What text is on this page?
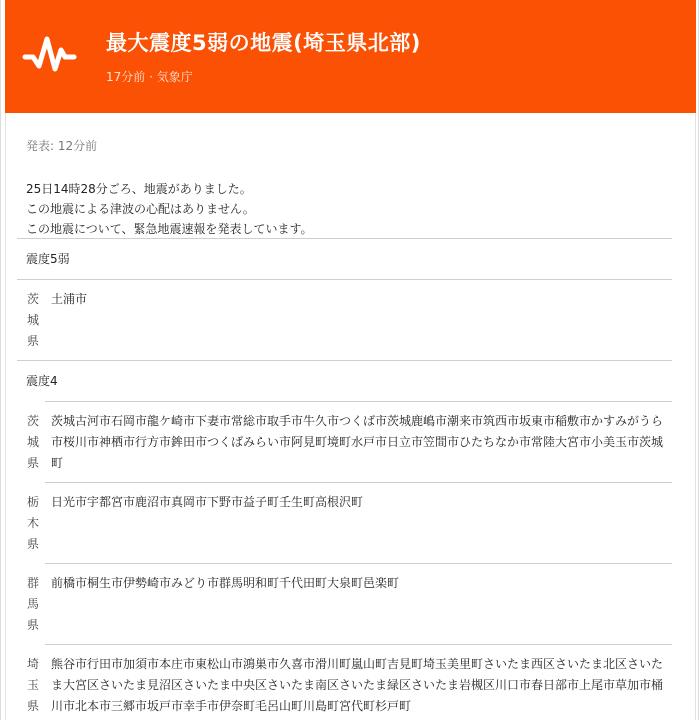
最大震度5弱の地震(埼玉県北部)
17分前 · 気象庁
発表: 12分前
25日14時28分ごろ、地震がありました。
この地震による津波の心配はありません。
この地震について、緊急地震速報を発表しています。
震度5弱
茨城県
土浦市
震度4
茨城県
茨城古河市石岡市龍ケ崎市下妻市常総市取手市牛久市つくば市茨城鹿嶋市潮来市筑西市坂東市稲敷市かすみがうら市桜川市神栖市行方市鉾田市つくばみらい市阿見町境町水戸市日立市笠間市ひたちなか市常陸大宮市小美玉市茨城町
栃木県
日光市宇都宮市鹿沼市真岡市下野市益子町壬生町高根沢町
群馬県
前橋市桐生市伊勢崎市みどり市群馬明和町千代田町大泉町邑楽町
埼玉県
熊谷市行田市加須市本庄市東松山市鴻巣市久喜市滑川町嵐山町吉見町埼玉美里町さいたま西区さいたま北区さいたま大宮区さいたま見沼区さいたま中央区さいたま南区さいたま緑区さいたま岩槻区川口市春日部市上尾市草加市桶川市北本市三郷市坂戸市幸手市伊奈町毛呂山町川島町宮代町杉戸町
